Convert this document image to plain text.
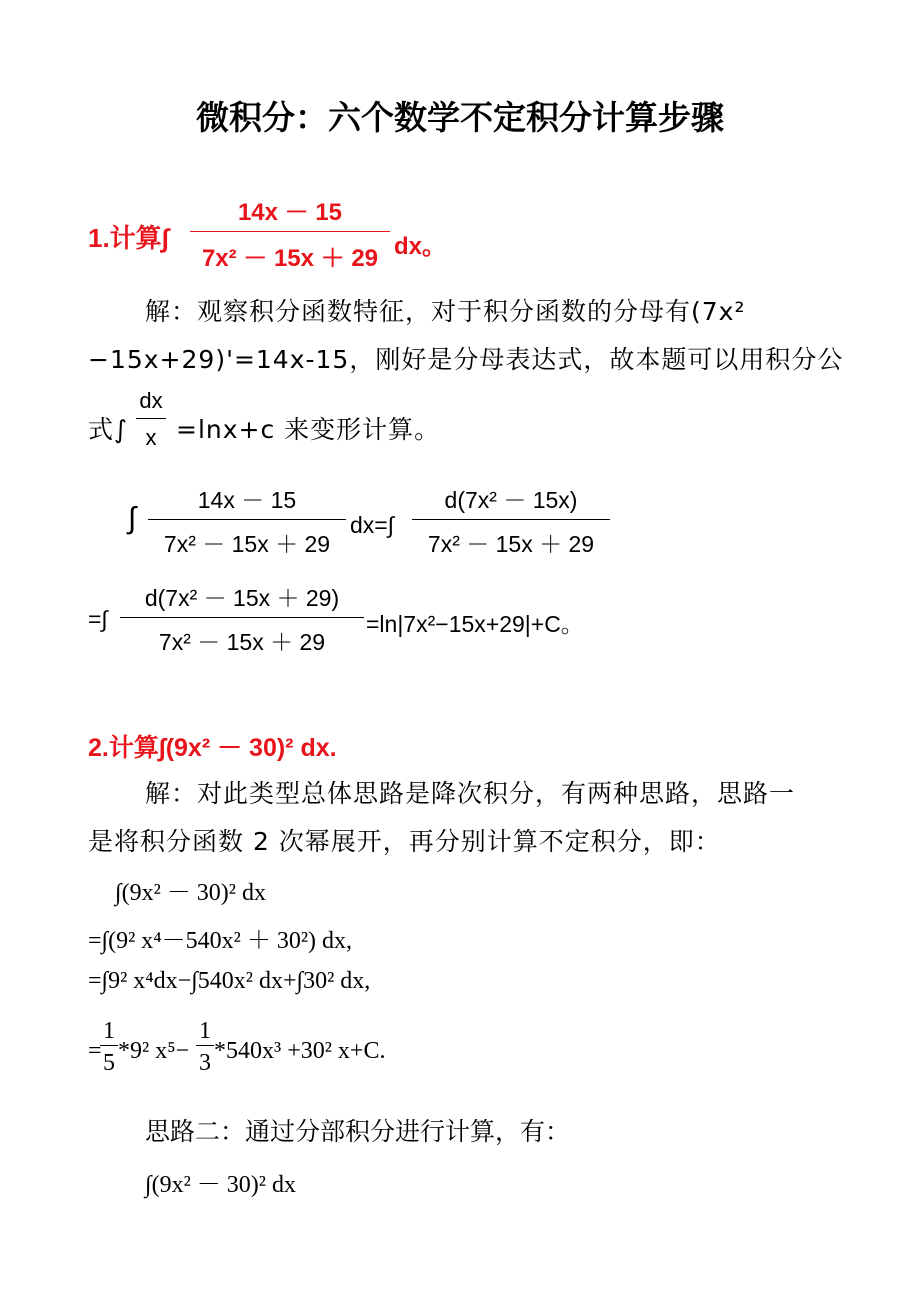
微积分：六个数学不定积分计算步骤
1.计算∫
14x － 15
7x² － 15x ＋ 29 dx。
解：观察积分函数特征，对于积分函数的分母有(7x²
−15x+29)'=14x-15，刚好是分母表达式，故本题可以用积分公
式∫
dx
x =lnx+c 来变形计算。
∫
14x － 15
7x² － 15x ＋ 29
dx=∫
d(7x² － 15x)
7x² － 15x ＋ 29
=∫
d(7x² － 15x ＋ 29)
7x² － 15x ＋ 29
=ln|7x²−15x+29|+C。
2.计算∫(9x² － 30)² dx.
解：对此类型总体思路是降次积分，有两种思路，思路一
是将积分函数 2 次幂展开，再分别计算不定积分，即：
∫(9x² － 30)² dx
=∫(9² x⁴－540x² ＋ 30²) dx,
=∫9² x⁴dx−∫540x² dx+∫30² dx,
=
1
5 *9² x⁵−
1
3 *540x³ +30² x+C.
思路二：通过分部积分进行计算，有：
∫(9x² － 30)² dx
